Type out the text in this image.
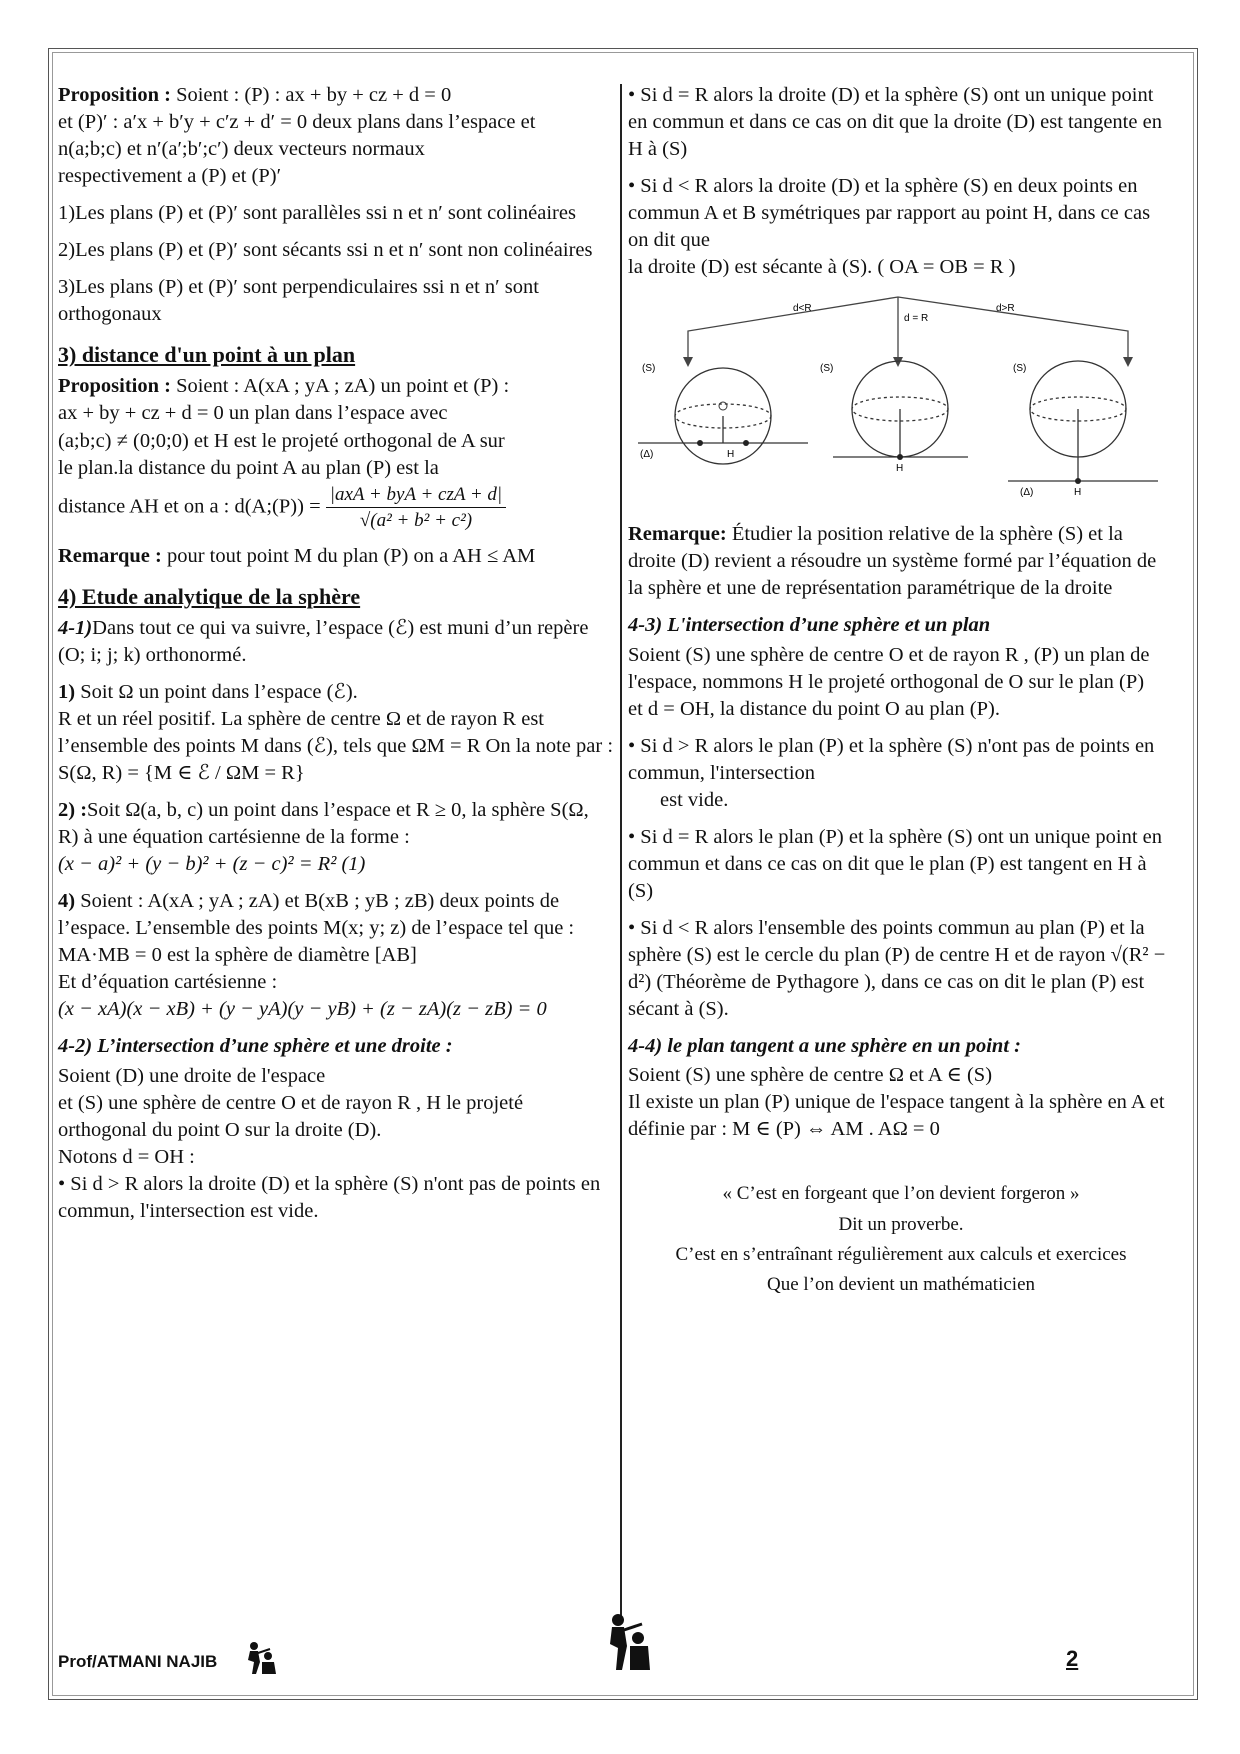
Proposition : Soient : (P) : ax + by + cz + d = 0
et (P)′ : a′x + b′y + c′z + d′ = 0 deux plans dans l’espace et
n(a;b;c) et n′(a′;b′;c′) deux vecteurs normaux
respectivement a (P) et (P)′

1)Les plans (P) et (P)′ sont parallèles ssi n et n′ sont colinéaires

2)Les plans (P) et (P)′ sont sécants ssi n et n′ sont non colinéaires

3)Les plans (P) et (P)′ sont perpendiculaires ssi n et n′ sont orthogonaux

3) distance d'un point à un plan

Proposition : Soient : A(xA ; yA ; zA) un point et (P) :
ax + by + cz + d = 0 un plan dans l’espace avec
(a;b;c) ≠ (0;0;0) et H est le projeté orthogonal de A sur
le plan.la distance du point A au plan (P) est la
distance AH et on a : d(A;(P)) = $\frac{\text{|axA + byA + czA + d|}}{\text{√(a² + b² + c²)}}$

Remarque : pour tout point M du plan (P) on a AH ≤ AM

4) Etude analytique de la sphère

4-1)Dans tout ce qui va suivre, l’espace (ℰ) est muni d’un repère (O; i; j; k) orthonormé.

1) Soit Ω un point dans l’espace (ℰ).
R et un réel positif. La sphère de centre Ω et de rayon R est l’ensemble des points M dans (ℰ), tels que ΩM = R On la note par : S(Ω, R) = {M ∈ ℰ / ΩM = R}

2) :Soit Ω(a, b, c) un point dans l’espace et R ≥ 0, la sphère S(Ω, R) à une équation cartésienne de la forme :
(x − a)² + (y − b)² + (z − c)² = R² (1)

4) Soient : A(xA ; yA ; zA) et B(xB ; yB ; zB) deux points de l’espace. L’ensemble des points M(x; y; z) de l’espace tel que : MA·MB = 0 est la sphère de diamètre [AB]
Et d’équation cartésienne :
(x − xA)(x − xB) + (y − yA)(y − yB) + (z − zA)(z − zB) = 0

4-2) L’intersection d’une sphère et une droite :

Soient (D) une droite de l'espace
et (S) une sphère de centre O et de rayon R , H le projeté orthogonal du point O sur la droite (D).
Notons d = OH :
• Si d > R alors la droite (D) et la sphère (S) n'ont pas de points en commun, l'intersection est vide.

• Si d = R alors la droite (D) et la sphère (S) ont un unique point en commun et dans ce cas on dit que la droite (D) est tangente en H à (S)

• Si d < R alors la droite (D) et la sphère (S) en deux points en commun A et B symétriques par rapport au point H, dans ce cas on dit que
la droite (D) est sécante à (S). ( OA = OB = R )

d<R
d = R
d>R
(S)
(Δ)	H
(S)
H
(S)
(Δ)	H

Remarque: Étudier la position relative de la sphère (S) et la droite (D) revient a résoudre un système formé par l’équation de la sphère et une de représentation paramétrique de la droite

4-3) L'intersection d’une sphère et un plan

Soient (S) une sphère de centre O et de rayon R , (P) un plan de l'espace, nommons H le projeté orthogonal de O sur le plan (P)
et d = OH, la distance du point O au plan (P).

• Si d > R alors le plan (P) et la sphère (S) n'ont pas de points en commun, l'intersection
est vide.

• Si d = R alors le plan (P) et la sphère (S) ont un unique point en commun et dans ce cas on dit que le plan (P) est tangent en H à (S)

• Si d < R alors l'ensemble des points commun au plan (P) et la sphère (S) est le cercle du plan (P) de centre H et de rayon √(R² − d²) (Théorème de Pythagore ), dans ce cas on dit le plan (P) est sécant à (S).

4-4) le plan tangent a une sphère en un point :

Soient (S) une sphère de centre Ω et A ∈ (S)
Il existe un plan (P) unique de l'espace tangent à la sphère en A et définie par : M ∈ (P) ⇔ AM . AΩ = 0

« C’est en forgeant que l’on devient forgeron »
Dit un proverbe.
C’est en s’entraînant régulièrement aux calculs et exercices
Que l’on devient un mathématicien
Prof/ATMANI NAJIB	2
